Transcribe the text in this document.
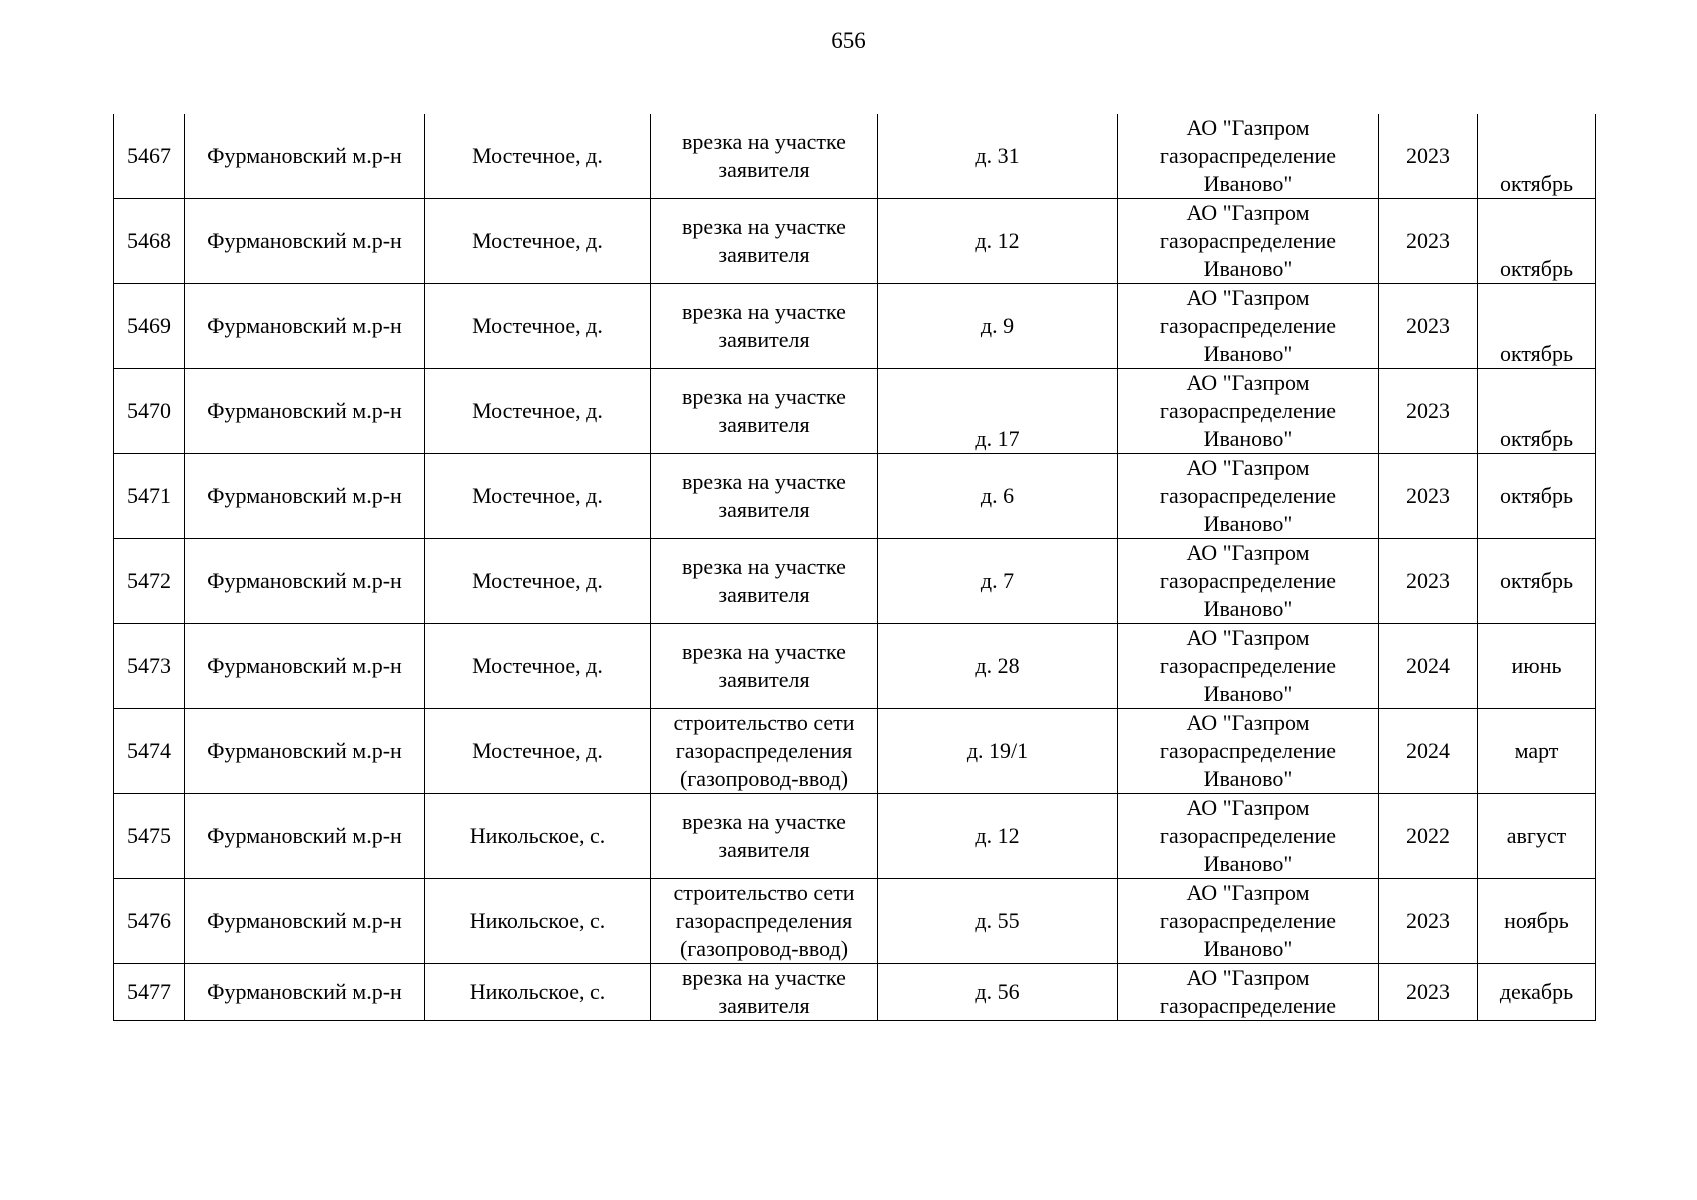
656
5467	Фурмановский м.р-н	Мостечное, д.	врезка на участке заявителя	д. 31	АО "Газпром газораспределение Иваново"	2023	октябрь
5468	Фурмановский м.р-н	Мостечное, д.	врезка на участке заявителя	д. 12	АО "Газпром газораспределение Иваново"	2023	октябрь
5469	Фурмановский м.р-н	Мостечное, д.	врезка на участке заявителя	д. 9	АО "Газпром газораспределение Иваново"	2023	октябрь
5470	Фурмановский м.р-н	Мостечное, д.	врезка на участке заявителя	д. 17	АО "Газпром газораспределение Иваново"	2023	октябрь
5471	Фурмановский м.р-н	Мостечное, д.	врезка на участке заявителя	д. 6	АО "Газпром газораспределение Иваново"	2023	октябрь
5472	Фурмановский м.р-н	Мостечное, д.	врезка на участке заявителя	д. 7	АО "Газпром газораспределение Иваново"	2023	октябрь
5473	Фурмановский м.р-н	Мостечное, д.	врезка на участке заявителя	д. 28	АО "Газпром газораспределение Иваново"	2024	июнь
5474	Фурмановский м.р-н	Мостечное, д.	строительство сети газораспределения (газопровод-ввод)	д. 19/1	АО "Газпром газораспределение Иваново"	2024	март
5475	Фурмановский м.р-н	Никольское, с.	врезка на участке заявителя	д. 12	АО "Газпром газораспределение Иваново"	2022	август
5476	Фурмановский м.р-н	Никольское, с.	строительство сети газораспределения (газопровод-ввод)	д. 55	АО "Газпром газораспределение Иваново"	2023	ноябрь
5477	Фурмановский м.р-н	Никольское, с.	врезка на участке заявителя	д. 56	АО "Газпром газораспределение	2023	декабрь
